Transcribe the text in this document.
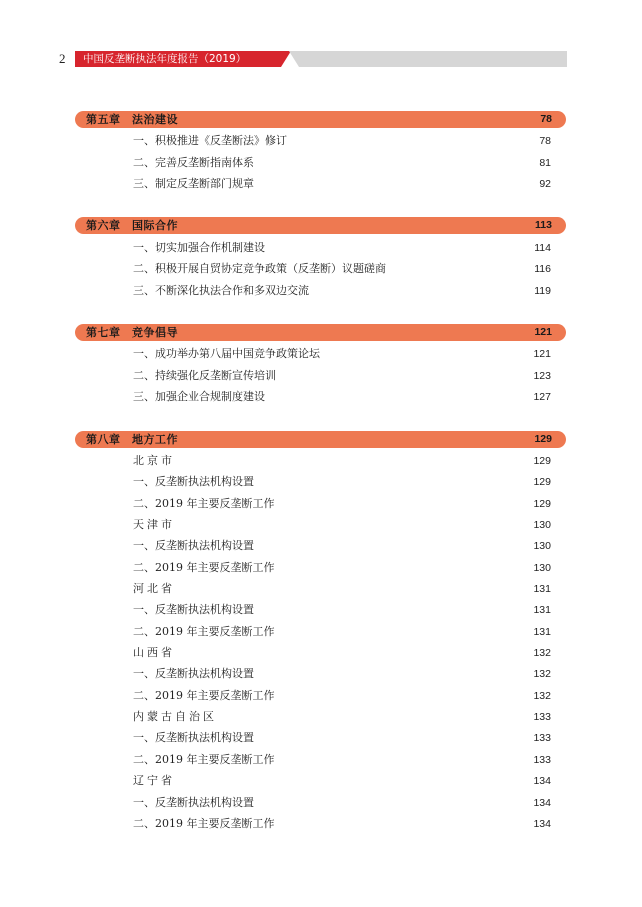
2	中国反垄断执法年度报告（2019）
第五章　法治建设	78
一、积极推进《反垄断法》修订	78
二、完善反垄断指南体系	81
三、制定反垄断部门规章	92
第六章　国际合作	113
一、切实加强合作机制建设	114
二、积极开展自贸协定竞争政策（反垄断）议题磋商	116
三、不断深化执法合作和多双边交流	119
第七章　竞争倡导	121
一、成功举办第八届中国竞争政策论坛	121
二、持续强化反垄断宣传培训	123
三、加强企业合规制度建设	127
第八章　地方工作	129
北京市	129
一、反垄断执法机构设置	129
二、2019 年主要反垄断工作	129
天津市	130
一、反垄断执法机构设置	130
二、2019 年主要反垄断工作	130
河北省	131
一、反垄断执法机构设置	131
二、2019 年主要反垄断工作	131
山西省	132
一、反垄断执法机构设置	132
二、2019 年主要反垄断工作	132
内蒙古自治区	133
一、反垄断执法机构设置	133
二、2019 年主要反垄断工作	133
辽宁省	134
一、反垄断执法机构设置	134
二、2019 年主要反垄断工作	134
